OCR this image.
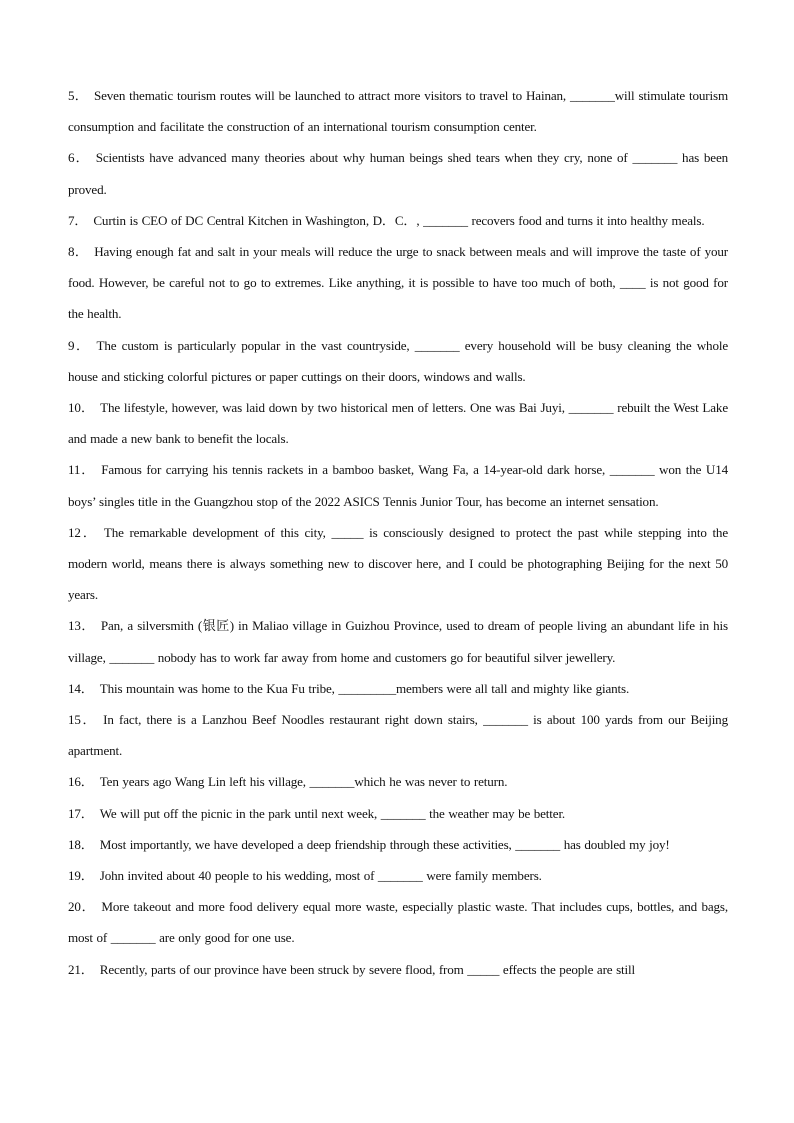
5． Seven thematic tourism routes will be launched to attract more visitors to travel to Hainan, _______will stimulate tourism consumption and facilitate the construction of an international tourism consumption center.
6． Scientists have advanced many theories about why human beings shed tears when they cry, none of _______ has been proved.
7． Curtin is CEO of DC Central Kitchen in Washington, D．C．, _______ recovers food and turns it into healthy meals.
8． Having enough fat and salt in your meals will reduce the urge to snack between meals and will improve the taste of your food. However, be careful not to go to extremes. Like anything, it is possible to have too much of both, ____ is not good for the health.
9． The custom is particularly popular in the vast countryside, _______ every household will be busy cleaning the whole house and sticking colorful pictures or paper cuttings on their doors, windows and walls.
10． The lifestyle, however, was laid down by two historical men of letters. One was Bai Juyi, _______ rebuilt the West Lake and made a new bank to benefit the locals.
11． Famous for carrying his tennis rackets in a bamboo basket, Wang Fa, a 14-year-old dark horse, _______ won the U14 boys’ singles title in the Guangzhou stop of the 2022 ASICS Tennis Junior Tour, has become an internet sensation.
12． The remarkable development of this city, _____ is consciously designed to protect the past while stepping into the modern world, means there is always something new to discover here, and I could be photographing Beijing for the next 50 years.
13． Pan, a silversmith (银匠) in Maliao village in Guizhou Province, used to dream of people living an abundant life in his village, _______ nobody has to work far away from home and customers go for beautiful silver jewellery.
14． This mountain was home to the Kua Fu tribe, _________members were all tall and mighty like giants.
15． In fact, there is a Lanzhou Beef Noodles restaurant right down stairs, _______ is about 100 yards from our Beijing apartment.
16． Ten years ago Wang Lin left his village, _______which he was never to return.
17． We will put off the picnic in the park until next week, _______ the weather may be better.
18． Most importantly, we have developed a deep friendship through these activities, _______ has doubled my joy!
19． John invited about 40 people to his wedding, most of _______ were family members.
20． More takeout and more food delivery equal more waste, especially plastic waste. That includes cups, bottles, and bags, most of _______ are only good for one use.
21． Recently, parts of our province have been struck by severe flood, from _____ effects the people are still
